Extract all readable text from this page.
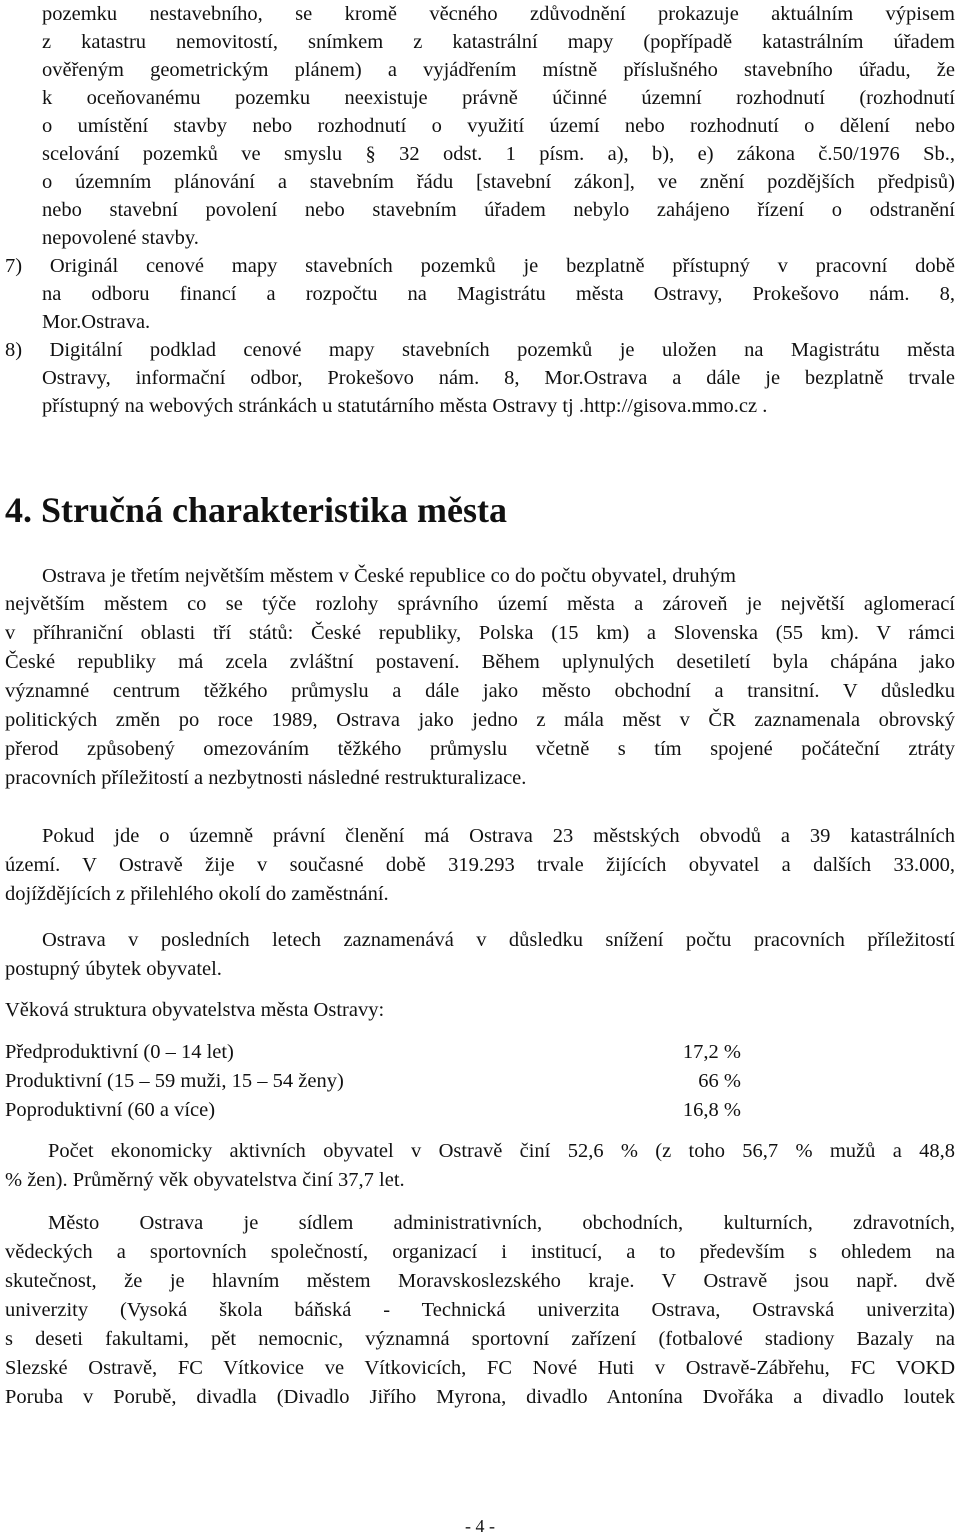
pozemku nestavebního, se kromě věcného zdůvodnění prokazuje aktuálním výpisem

z katastru nemovitostí, snímkem z katastrální mapy (popřípadě katastrálním úřadem

ověřeným geometrickým plánem) a vyjádřením místně příslušného stavebního úřadu, že

k oceňovanému pozemku neexistuje právně účinné územní rozhodnutí (rozhodnutí

o umístění stavby nebo rozhodnutí o využití území nebo rozhodnutí o dělení nebo

scelování pozemků ve smyslu § 32 odst. 1 písm. a), b), e) zákona č.50/1976 Sb.,

o územním plánování a stavebním řádu [stavební zákon], ve znění pozdějších předpisů)

nebo stavební povolení nebo stavebním úřadem nebylo zahájeno řízení o odstranění

nepovolené stavby.

7) Originál cenové mapy stavebních pozemků je bezplatně přístupný v pracovní době

na odboru financí a rozpočtu na Magistrátu města Ostravy, Prokešovo nám. 8,

Mor.Ostrava.

8) Digitální podklad cenové mapy stavebních pozemků je uložen na Magistrátu města

Ostravy, informační odbor, Prokešovo nám. 8, Mor.Ostrava a dále je bezplatně trvale

přístupný na webových stránkách u statutárního města Ostravy tj .http://gisova.mmo.cz .

4. Stručná charakteristika města

Ostrava je třetím největším městem v České republice co do počtu obyvatel, druhým

největším městem co se týče rozlohy správního území města a zároveň je největší aglomerací

v příhraniční oblasti tří států: České republiky, Polska (15 km) a Slovenska (55 km). V rámci

České republiky má zcela zvláštní postavení. Během uplynulých desetiletí byla chápána jako

významné centrum těžkého průmyslu a dále jako město obchodní a transitní. V důsledku

politických změn po roce 1989, Ostrava jako jedno z mála měst v ČR zaznamenala obrovský

přerod způsobený omezováním těžkého průmyslu včetně s tím spojené počáteční ztráty

pracovních příležitostí a nezbytnosti následné restrukturalizace.

Pokud jde o územně právní členění má Ostrava 23 městských obvodů a 39 katastrálních

území. V Ostravě žije v současné době 319.293 trvale žijících obyvatel a dalších 33.000,

dojíždějících z přilehlého okolí do zaměstnání.

Ostrava v posledních letech zaznamenává v důsledku snížení počtu pracovních příležitostí

postupný úbytek obyvatel.

Věková struktura obyvatelstva města Ostravy:

Předproduktivní (0 – 14 let)	17,2 %
Produktivní (15 – 59 muži, 15 – 54 ženy)	66 %
Poproduktivní (60 a více)	16,8 %

Počet ekonomicky aktivních obyvatel v Ostravě činí 52,6 % (z toho 56,7 % mužů a 48,8

% žen). Průměrný věk obyvatelstva činí 37,7 let.

Město Ostrava je sídlem administrativních, obchodních, kulturních, zdravotních,

vědeckých a sportovních společností, organizací i institucí, a to především s ohledem na

skutečnost, že je hlavním městem Moravskoslezského kraje. V Ostravě jsou např. dvě

univerzity (Vysoká škola báňská - Technická univerzita Ostrava, Ostravská univerzita)

s deseti fakultami, pět nemocnic, významná sportovní zařízení (fotbalové stadiony Bazaly na

Slezské Ostravě, FC Vítkovice ve Vítkovicích, FC Nové Huti v Ostravě-Zábřehu, FC VOKD

Poruba v Porubě, divadla (Divadlo Jiřího Myrona, divadlo Antonína Dvořáka a divadlo loutek

- 4 -
